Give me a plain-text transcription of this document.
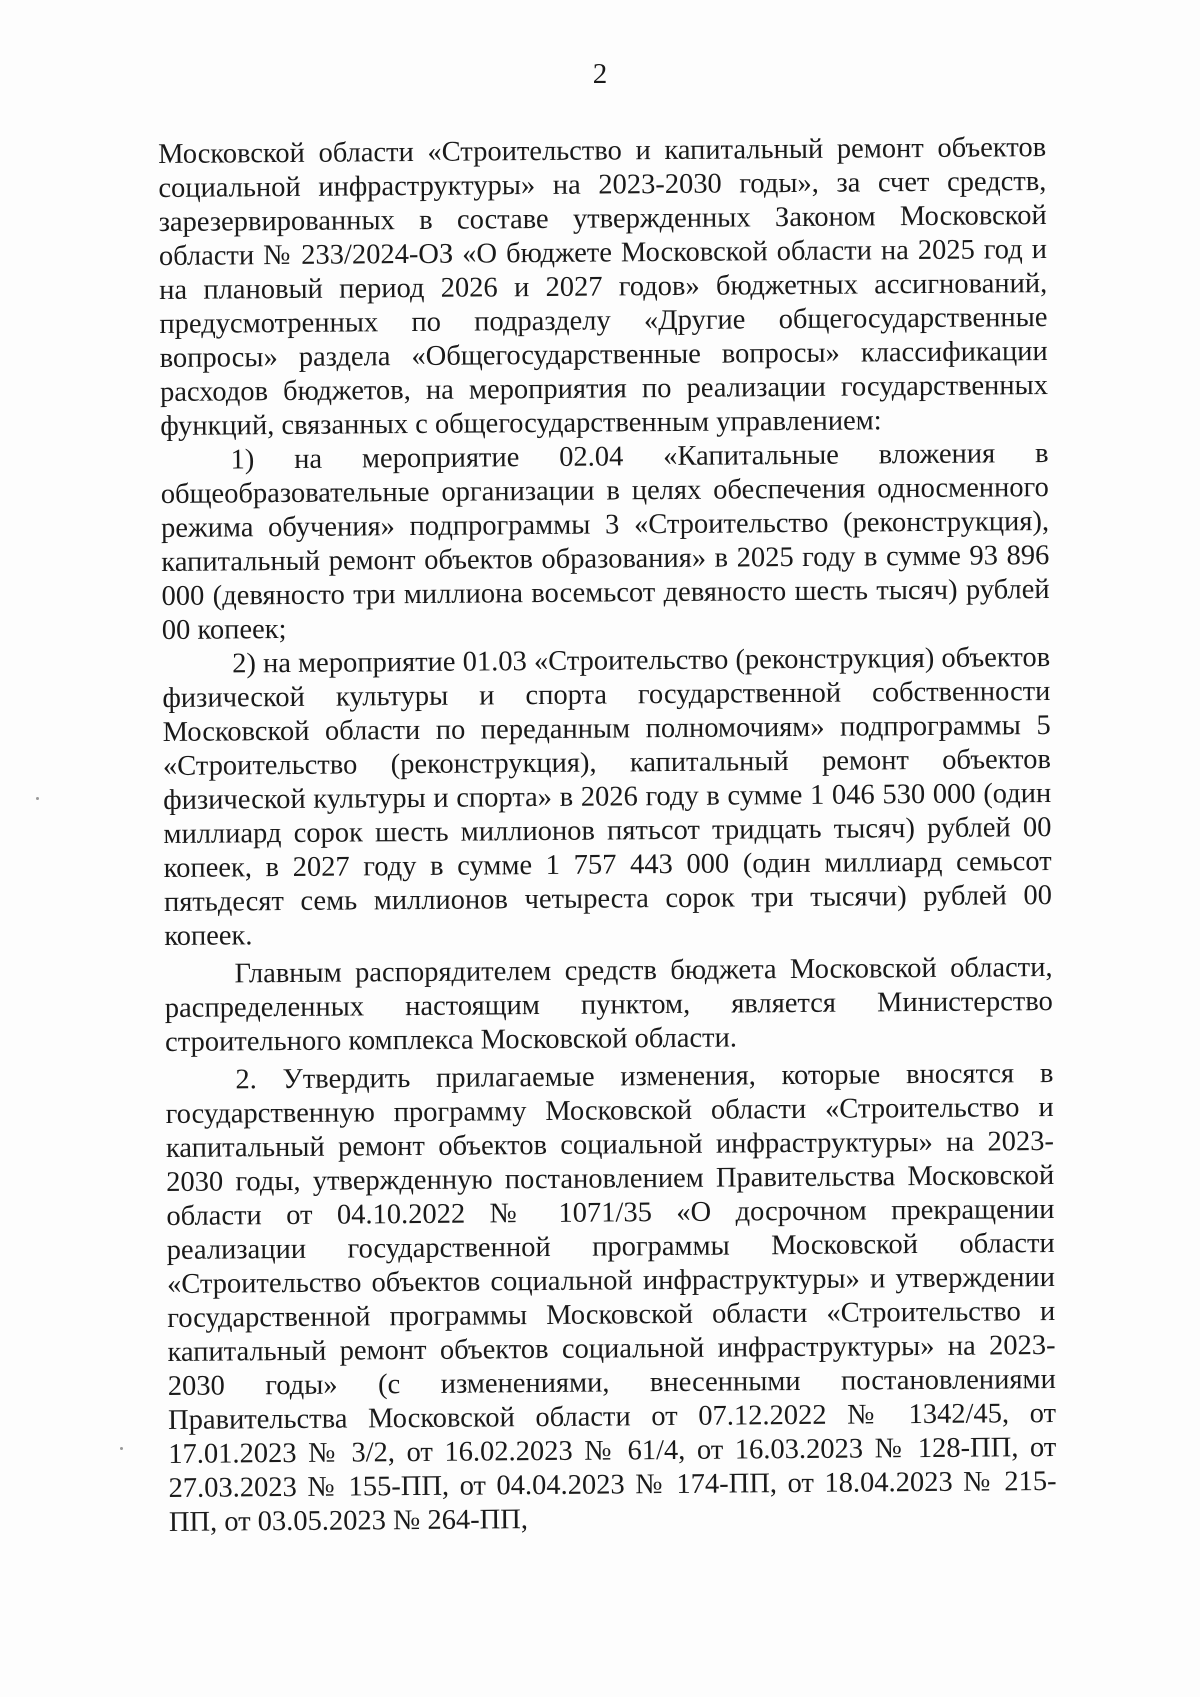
2

Московской области «Строительство и капитальный ремонт объектов социальной инфраструктуры» на 2023-2030 годы», за счет средств, зарезервированных в составе утвержденных Законом Московской области № 233/2024-ОЗ «О бюджете Московской области на 2025 год и на плановый период 2026 и 2027 годов» бюджетных ассигнований, предусмотренных по подразделу «Другие общегосударственные вопросы» раздела «Общегосударственные вопросы» классификации расходов бюджетов, на мероприятия по реализации государственных функций, связанных с общегосударственным управлением:

1) на мероприятие 02.04 «Капитальные вложения в общеобразовательные организации в целях обеспечения односменного режима обучения» подпрограммы 3 «Строительство (реконструкция), капитальный ремонт объектов образования» в 2025 году в сумме 93 896 000 (девяносто три миллиона восемьсот девяносто шесть тысяч) рублей 00 копеек;

2) на мероприятие 01.03 «Строительство (реконструкция) объектов физической культуры и спорта государственной собственности Московской области по переданным полномочиям» подпрограммы 5 «Строительство (реконструкция), капитальный ремонт объектов физической культуры и спорта» в 2026 году в сумме 1 046 530 000 (один миллиард сорок шесть миллионов пятьсот тридцать тысяч) рублей 00 копеек, в 2027 году в сумме 1 757 443 000 (один миллиард семьсот пятьдесят семь миллионов четыреста сорок три тысячи) рублей 00 копеек.

Главным распорядителем средств бюджета Московской области, распределенных настоящим пунктом, является Министерство строительного комплекса Московской области.

2. Утвердить прилагаемые изменения, которые вносятся в государственную программу Московской области «Строительство и капитальный ремонт объектов социальной инфраструктуры» на 2023-2030 годы, утвержденную постановлением Правительства Московской области от 04.10.2022 № 1071/35 «О досрочном прекращении реализации государственной программы Московской области «Строительство объектов социальной инфраструктуры» и утверждении государственной программы Московской области «Строительство и капитальный ремонт объектов социальной инфраструктуры» на 2023-2030 годы» (с изменениями, внесенными постановлениями Правительства Московской области от 07.12.2022 № 1342/45, от 17.01.2023 № 3/2, от 16.02.2023 № 61/4, от 16.03.2023 № 128-ПП, от 27.03.2023 № 155-ПП, от 04.04.2023 № 174-ПП, от 18.04.2023 № 215-ПП, от 03.05.2023 № 264-ПП,
